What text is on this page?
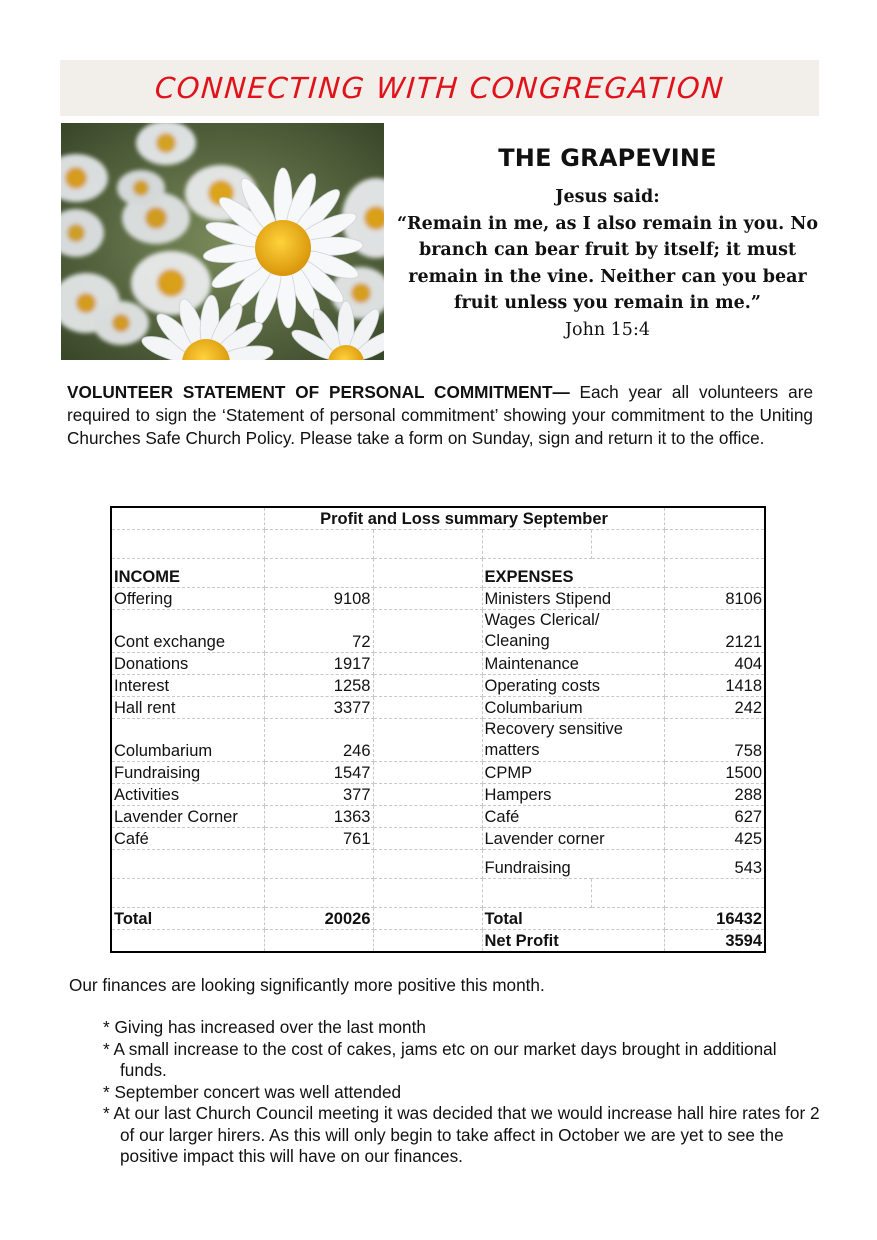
CONNECTING WITH CONGREGATION
THE GRAPEVINE
Jesus said:
“Remain in me, as I also remain in you. No branch can bear fruit by itself; it must remain in the vine. Neither can you bear fruit unless you remain in me.”
John 15:4
VOLUNTEER STATEMENT OF PERSONAL COMMITMENT— Each year all volunteers are required to sign the ‘Statement of personal commitment’ showing your commitment to the Uniting Churches Safe Church Policy. Please take a form on Sunday, sign and return it to the office.
	Profit and Loss summary September				

INCOME			EXPENSES		
Offering	9108		Ministers Stipend		8106
Cont exchange	72		Wages Clerical/ Cleaning		2121
Donations	1917		Maintenance		404
Interest	1258		Operating costs		1418
Hall rent	3377		Columbarium		242
Columbarium	246		Recovery sensitive matters		758
Fundraising	1547		CPMP		1500
Activities	377		Hampers		288
Lavender Corner	1363		Café		627
Café	761		Lavender corner		425
			Fundraising		543

Total	20026		Total		16432
			Net Profit		3594
Our finances are looking significantly more positive this month.
* Giving has increased over the last month
* A small increase to the cost of cakes, jams etc on our market days brought in additional funds.
* September concert was well attended
* At our last Church Council meeting it was decided that we would increase hall hire rates for 2 of our larger hirers. As this will only begin to take affect in October we are yet to see the positive impact this will have on our finances.
